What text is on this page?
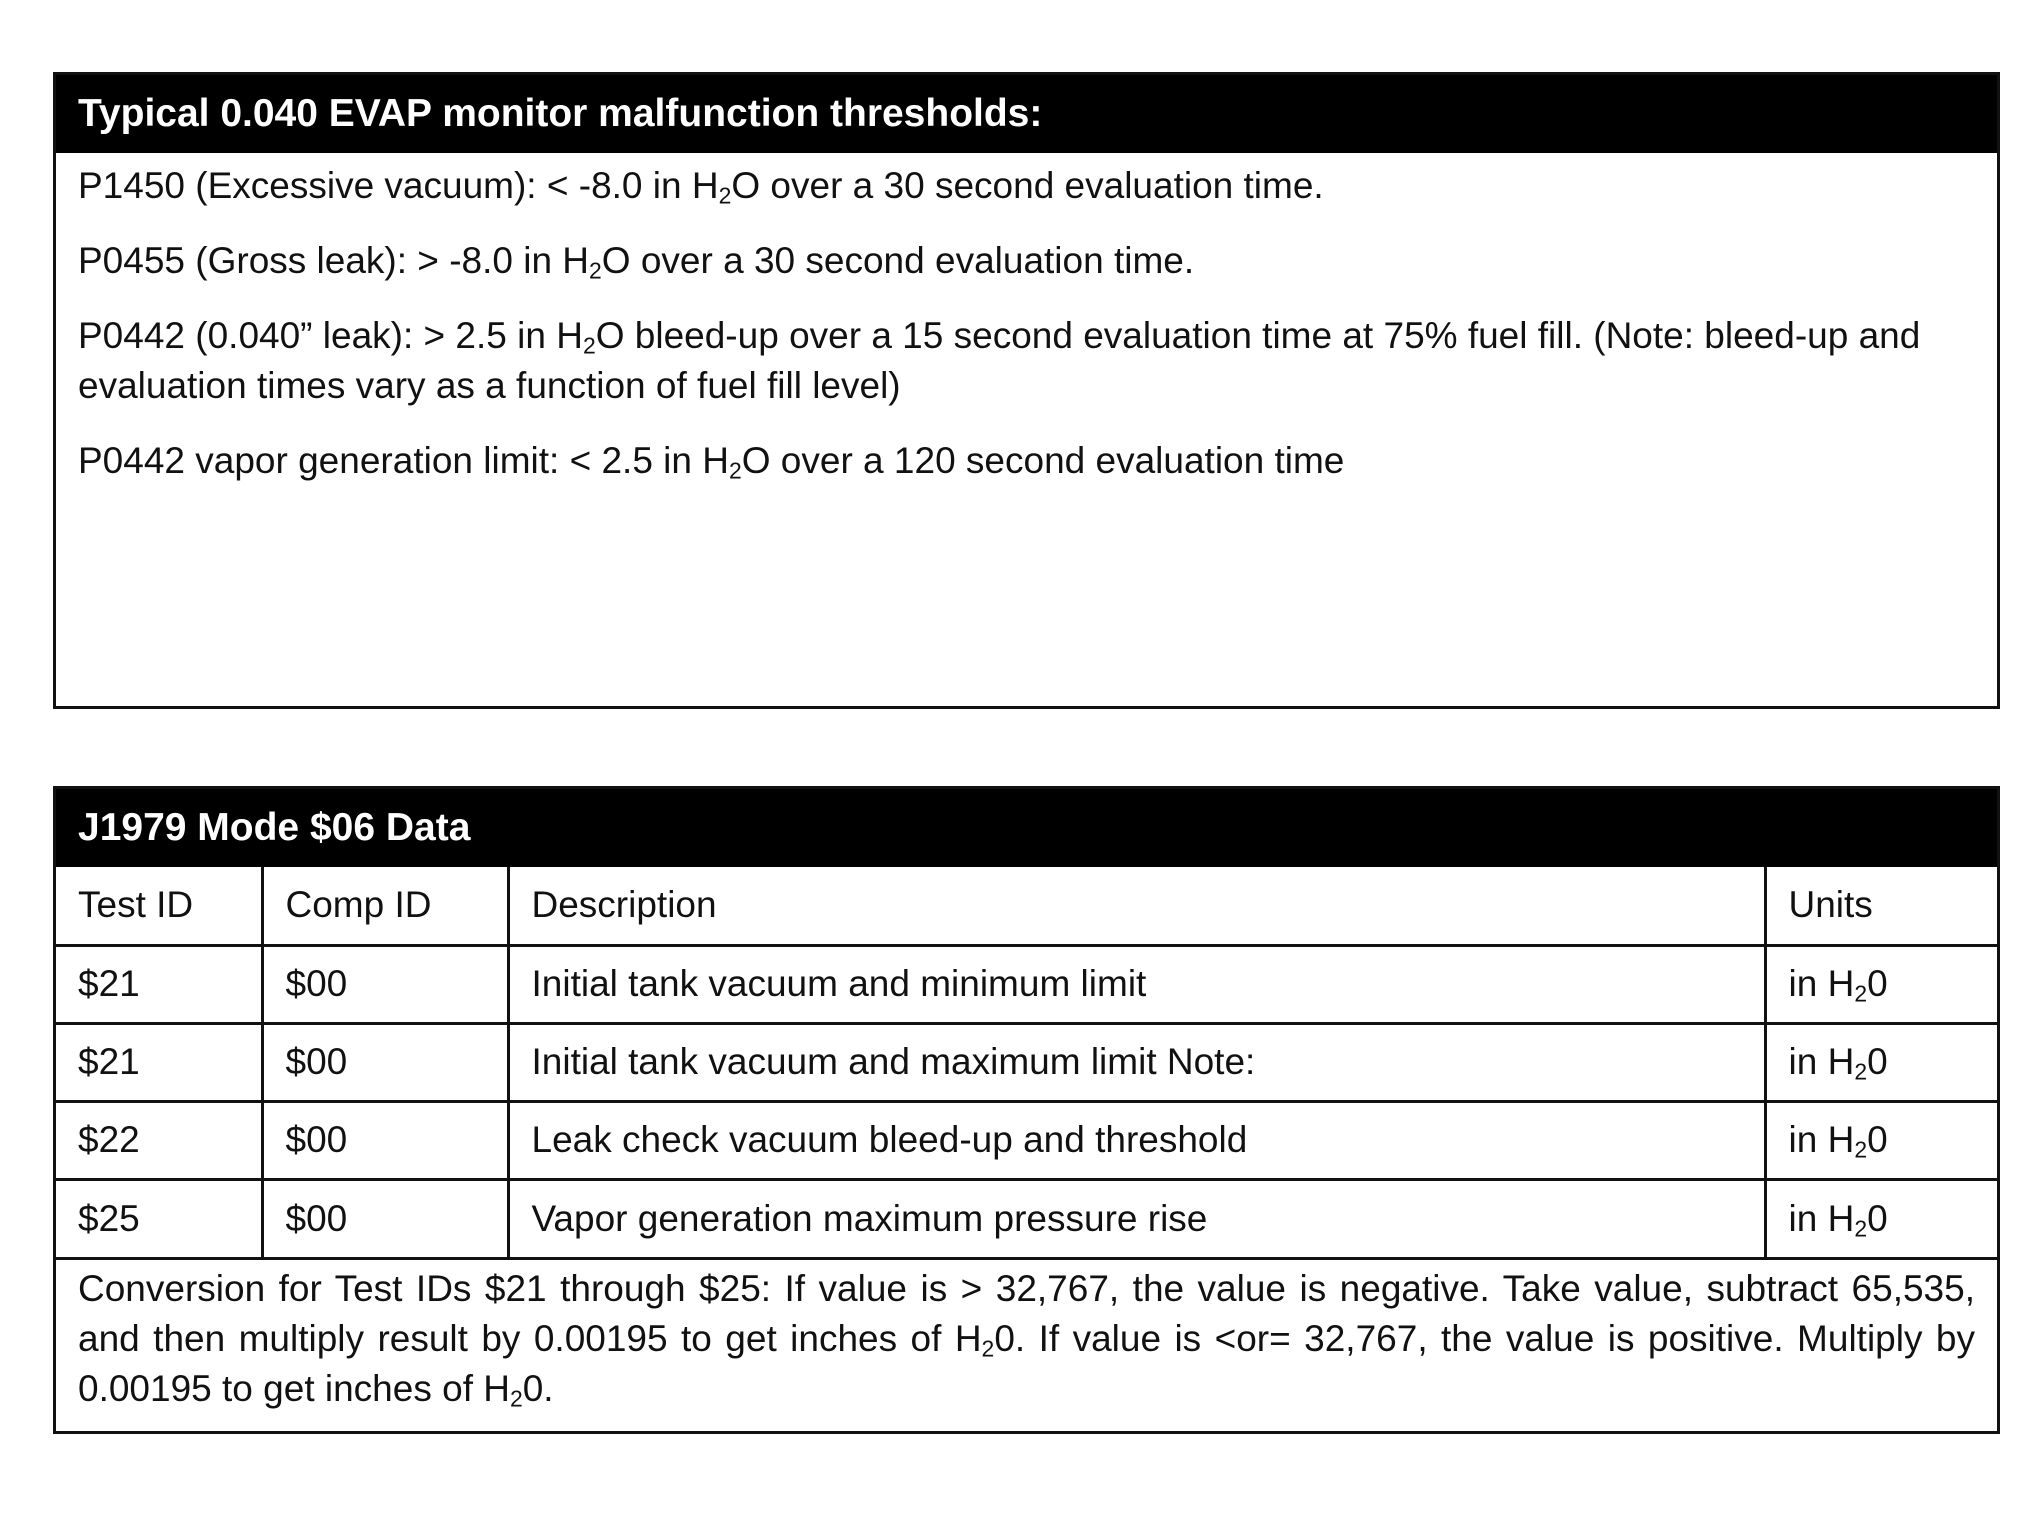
Typical 0.040 EVAP monitor malfunction thresholds:

P1450 (Excessive vacuum): < -8.0 in $H_2O$ over a 30 second evaluation time.

P0455 (Gross leak): > -8.0 in $H_2O$ over a 30 second evaluation time.

P0442 (0.040” leak): > 2.5 in $H_2O$ bleed-up over a 15 second evaluation time at 75% fuel fill. (Note: bleed-up and evaluation times vary as a function of fuel fill level)

P0442 vapor generation limit: < 2.5 in $H_2O$ over a 120 second evaluation time

J1979 Mode $06 Data
Test ID	Comp ID	Description	Units
$21	$00	Initial tank vacuum and minimum limit	in $H_20$
$21	$00	Initial tank vacuum and maximum limit Note:	in $H_20$
$22	$00	Leak check vacuum bleed-up and threshold	in $H_20$
$25	$00	Vapor generation maximum pressure rise	in $H_20$
Conversion for Test IDs $21 through $25: If value is > 32,767, the value is negative. Take value, subtract 65,535, and then multiply result by 0.00195 to get inches of $H_20$. If value is <or= 32,767, the value is positive. Multiply by 0.00195 to get inches of $H_20$.
